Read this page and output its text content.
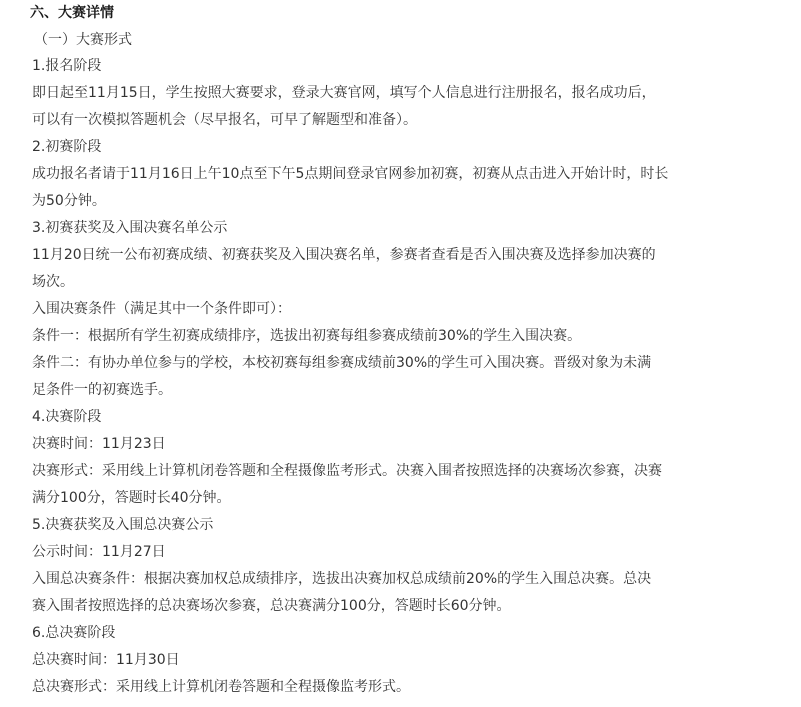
六、大赛详情
（一）大赛形式
1.报名阶段
即日起至11月15日，学生按照大赛要求，登录大赛官网，填写个人信息进行注册报名，报名成功后，
可以有一次模拟答题机会（尽早报名，可早了解题型和准备）。
2.初赛阶段
成功报名者请于11月16日上午10点至下午5点期间登录官网参加初赛，初赛从点击进入开始计时，时长
为50分钟。
3.初赛获奖及入围决赛名单公示
11月20日统一公布初赛成绩、初赛获奖及入围决赛名单，参赛者查看是否入围决赛及选择参加决赛的
场次。
入围决赛条件（满足其中一个条件即可）：
条件一：根据所有学生初赛成绩排序，选拔出初赛每组参赛成绩前30%的学生入围决赛。
条件二：有协办单位参与的学校，本校初赛每组参赛成绩前30%的学生可入围决赛。晋级对象为未满
足条件一的初赛选手。
4.决赛阶段
决赛时间：11月23日
决赛形式：采用线上计算机闭卷答题和全程摄像监考形式。决赛入围者按照选择的决赛场次参赛，决赛
满分100分，答题时长40分钟。
5.决赛获奖及入围总决赛公示
公示时间：11月27日
入围总决赛条件：根据决赛加权总成绩排序，选拔出决赛加权总成绩前20%的学生入围总决赛。总决
赛入围者按照选择的总决赛场次参赛，总决赛满分100分，答题时长60分钟。
6.总决赛阶段
总决赛时间：11月30日
总决赛形式：采用线上计算机闭卷答题和全程摄像监考形式。
